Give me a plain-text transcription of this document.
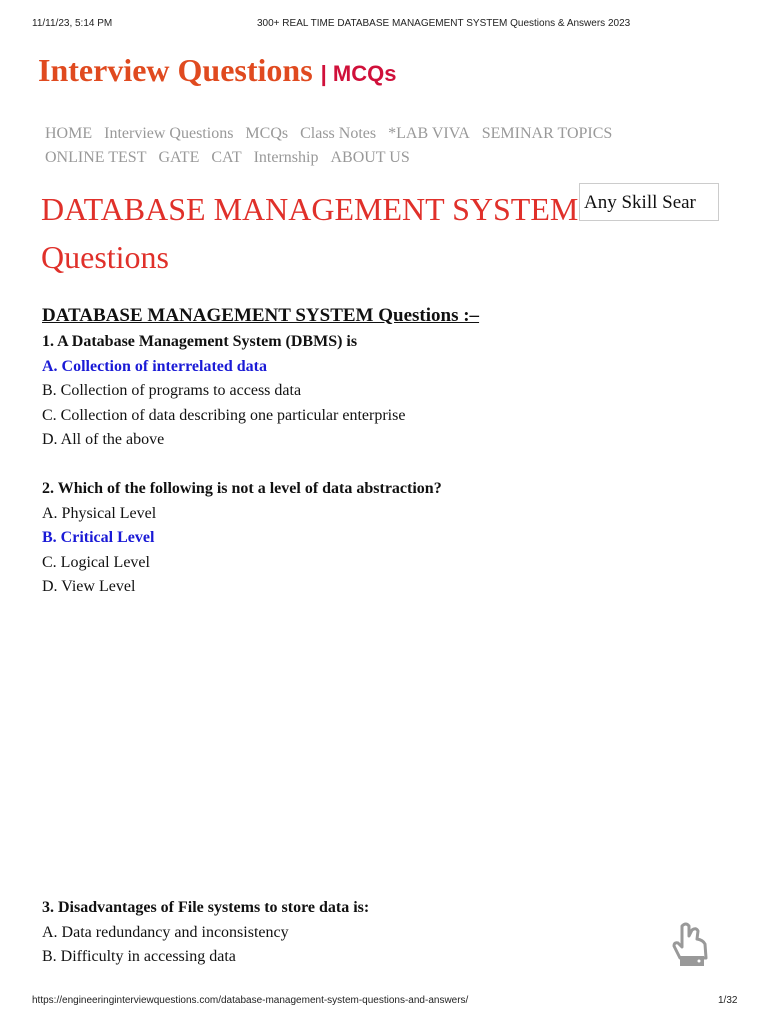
11/11/23, 5:14 PM	300+ REAL TIME DATABASE MANAGEMENT SYSTEM Questions & Answers 2023
Interview Questions | MCQs
HOME Interview Questions MCQs Class Notes *LAB VIVA SEMINAR TOPICS
ONLINE TEST GATE CAT Internship ABOUT US
DATABASE MANAGEMENT SYSTEM Questions
Any Skill Sear
DATABASE MANAGEMENT SYSTEM Questions :–
1. A Database Management System (DBMS) is
A. Collection of interrelated data
B. Collection of programs to access data
C. Collection of data describing one particular enterprise
D. All of the above
2. Which of the following is not a level of data abstraction?
A. Physical Level
B. Critical Level
C. Logical Level
D. View Level
3. Disadvantages of File systems to store data is:
A. Data redundancy and inconsistency
B. Difficulty in accessing data
https://engineeringinterviewquestions.com/database-management-system-questions-and-answers/	1/32
